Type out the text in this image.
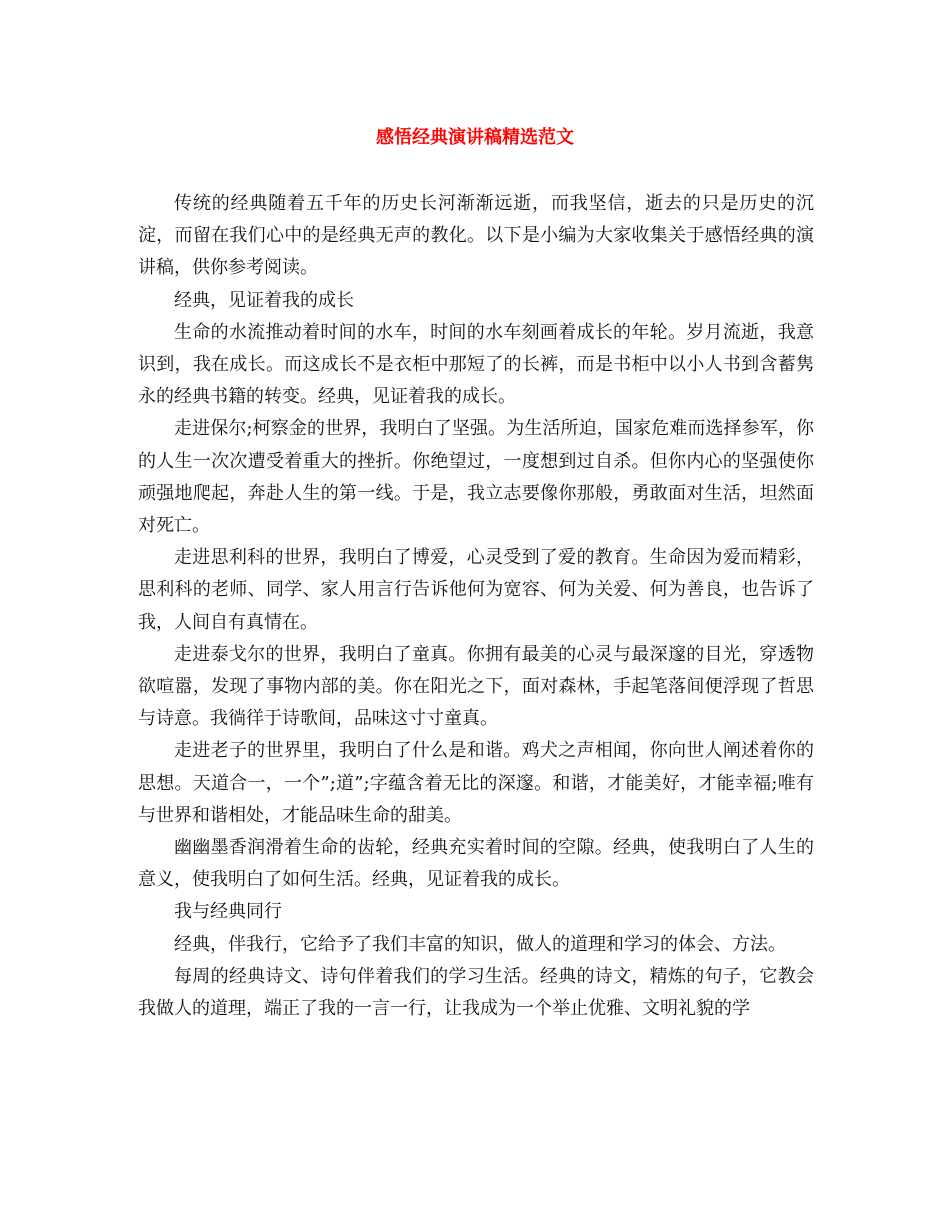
感悟经典演讲稿精选范文

传统的经典随着五千年的历史长河渐渐远逝，而我坚信，逝去的只是历史的沉淀，而留在我们心中的是经典无声的教化。以下是小编为大家收集关于感悟经典的演讲稿，供你参考阅读。

经典，见证着我的成长

生命的水流推动着时间的水车，时间的水车刻画着成长的年轮。岁月流逝，我意识到，我在成长。而这成长不是衣柜中那短了的长裤，而是书柜中以小人书到含蓄隽永的经典书籍的转变。经典，见证着我的成长。

走进保尔;柯察金的世界，我明白了坚强。为生活所迫，国家危难而选择参军，你的人生一次次遭受着重大的挫折。你绝望过，一度想到过自杀。但你内心的坚强使你顽强地爬起，奔赴人生的第一线。于是，我立志要像你那般，勇敢面对生活，坦然面对死亡。

走进思利科的世界，我明白了博爱，心灵受到了爱的教育。生命因为爱而精彩，思利科的老师、同学、家人用言行告诉他何为宽容、何为关爱、何为善良，也告诉了我，人间自有真情在。

走进泰戈尔的世界，我明白了童真。你拥有最美的心灵与最深邃的目光，穿透物欲喧嚣，发现了事物内部的美。你在阳光之下，面对森林，手起笔落间便浮现了哲思与诗意。我徜徉于诗歌间，品味这寸寸童真。

走进老子的世界里，我明白了什么是和谐。鸡犬之声相闻，你向世人阐述着你的思想。天道合一，一个”;道”;字蕴含着无比的深邃。和谐，才能美好，才能幸福;唯有与世界和谐相处，才能品味生命的甜美。

幽幽墨香润滑着生命的齿轮，经典充实着时间的空隙。经典，使我明白了人生的意义，使我明白了如何生活。经典，见证着我的成长。

我与经典同行

经典，伴我行，它给予了我们丰富的知识，做人的道理和学习的体会、方法。

每周的经典诗文、诗句伴着我们的学习生活。经典的诗文，精炼的句子，它教会我做人的道理，端正了我的一言一行，让我成为一个举止优雅、文明礼貌的学
